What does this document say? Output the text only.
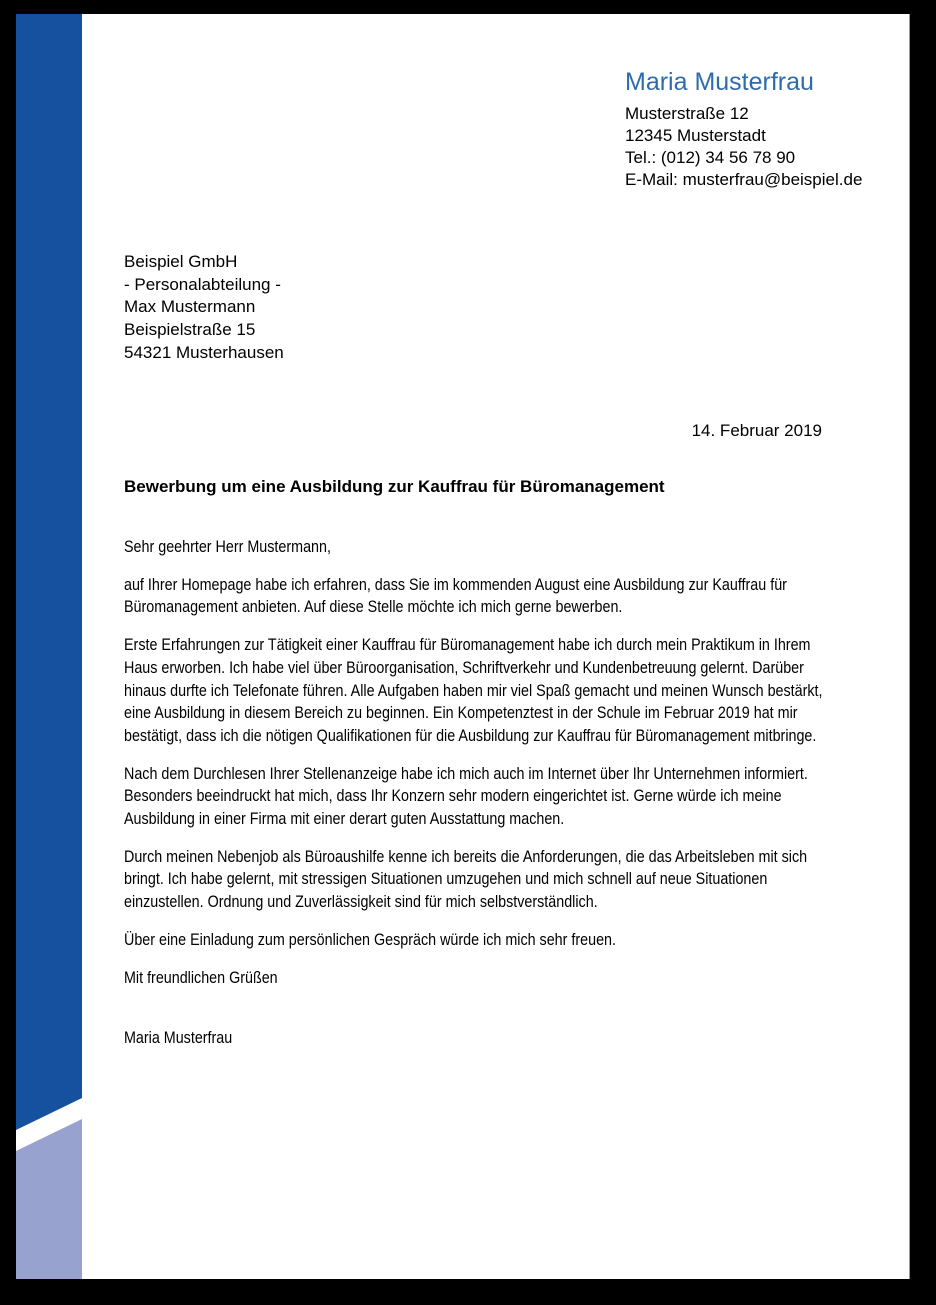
Maria Musterfrau
Musterstraße 12
12345 Musterstadt
Tel.: (012) 34 56 78 90
E-Mail: musterfrau@beispiel.de
Beispiel GmbH
- Personalabteilung -
Max Mustermann
Beispielstraße 15
54321 Musterhausen
14. Februar 2019
Bewerbung um eine Ausbildung zur Kauffrau für Büromanagement

Sehr geehrter Herr Mustermann,

auf Ihrer Homepage habe ich erfahren, dass Sie im kommenden August eine Ausbildung zur Kauffrau für Büromanagement anbieten. Auf diese Stelle möchte ich mich gerne bewerben.

Erste Erfahrungen zur Tätigkeit einer Kauffrau für Büromanagement habe ich durch mein Praktikum in Ihrem Haus erworben. Ich habe viel über Büroorganisation, Schriftverkehr und Kundenbetreuung gelernt. Darüber hinaus durfte ich Telefonate führen. Alle Aufgaben haben mir viel Spaß gemacht und meinen Wunsch bestärkt, eine Ausbildung in diesem Bereich zu beginnen. Ein Kompetenztest in der Schule im Februar 2019 hat mir bestätigt, dass ich die nötigen Qualifikationen für die Ausbildung zur Kauffrau für Büromanagement mitbringe.

Nach dem Durchlesen Ihrer Stellenanzeige habe ich mich auch im Internet über Ihr Unternehmen informiert. Besonders beeindruckt hat mich, dass Ihr Konzern sehr modern eingerichtet ist. Gerne würde ich meine Ausbildung in einer Firma mit einer derart guten Ausstattung machen.

Durch meinen Nebenjob als Büroaushilfe kenne ich bereits die Anforderungen, die das Arbeitsleben mit sich bringt. Ich habe gelernt, mit stressigen Situationen umzugehen und mich schnell auf neue Situationen einzustellen. Ordnung und Zuverlässigkeit sind für mich selbstverständlich.

Über eine Einladung zum persönlichen Gespräch würde ich mich sehr freuen.

Mit freundlichen Grüßen

Maria Musterfrau
